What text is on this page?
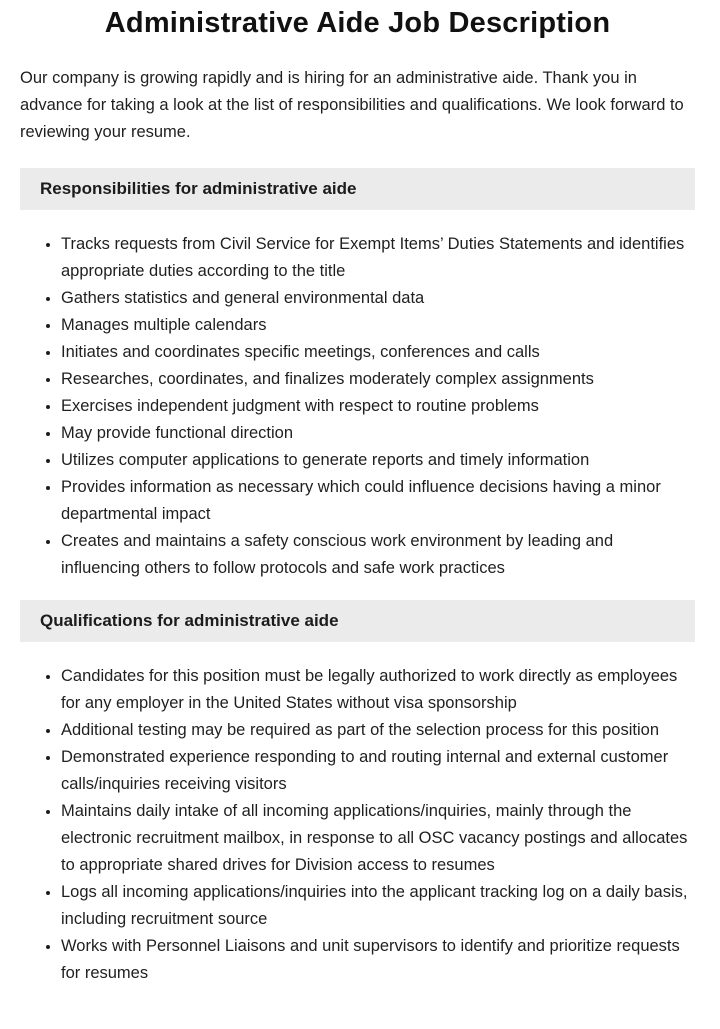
Administrative Aide Job Description

Our company is growing rapidly and is hiring for an administrative aide. Thank you in advance for taking a look at the list of responsibilities and qualifications. We look forward to reviewing your resume.

Responsibilities for administrative aide
• Tracks requests from Civil Service for Exempt Items’ Duties Statements and identifies appropriate duties according to the title
• Gathers statistics and general environmental data
• Manages multiple calendars
• Initiates and coordinates specific meetings, conferences and calls
• Researches, coordinates, and finalizes moderately complex assignments
• Exercises independent judgment with respect to routine problems
• May provide functional direction
• Utilizes computer applications to generate reports and timely information
• Provides information as necessary which could influence decisions having a minor departmental impact
• Creates and maintains a safety conscious work environment by leading and influencing others to follow protocols and safe work practices
Qualifications for administrative aide
• Candidates for this position must be legally authorized to work directly as employees for any employer in the United States without visa sponsorship
• Additional testing may be required as part of the selection process for this position
• Demonstrated experience responding to and routing internal and external customer calls/inquiries receiving visitors
• Maintains daily intake of all incoming applications/inquiries, mainly through the electronic recruitment mailbox, in response to all OSC vacancy postings and allocates to appropriate shared drives for Division access to resumes
• Logs all incoming applications/inquiries into the applicant tracking log on a daily basis, including recruitment source
• Works with Personnel Liaisons and unit supervisors to identify and prioritize requests for resumes
